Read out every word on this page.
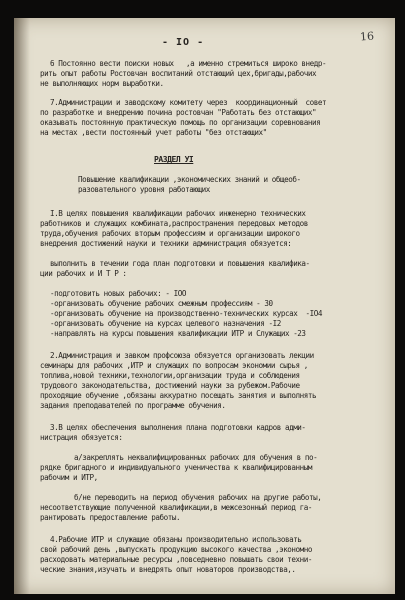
- IO -	16
6 Постоянно вести поиски новых   ,а именно стремиться широко внедр-
рить опыт работы Ростовчан воспитаний отстающий цех,бригады,рабочих
не выполняющих норм выработки.
7.Администрации и заводскому комитету через  координационный  совет
по разработке и внедрению почина ростовчан "Работать без отстающих"
оказывать постоянную практическую помощь по организации соревнования
на местах ,вести постоянный учет работы "без отстающих"
РАЗДЕЛ УI
Повышение квалификации ,экономических знаний и общеоб-
разовательного уровня работающих
I.В целях повышения квалификации рабочих инженерно технических
работников и служащих комбината,распространения передовых методов
труда,обучения рабочих вторым профессиям и организации широкого
внедрения достижений науки и техники администрация обязуется:
выполнить в течении года план подготовки и повышения квалифика-
ции рабочих и И Т Р :
-подготовить новых рабочих: - IОО
-организовать обучение рабочих смежным профессиям - 30
-организовать обучение на производственно-технических курсах  -IО4
-организовать обучение на курсах целевого назначения -I2
-направлять на курсы повышения квалификации ИТР и Служащих -23
2.Администрация и завком профсоюза обязуется организовать лекции
семинары для рабочих ,ИТР и служащих по вопросам экономии сырья ,
топлива,новой техники,технологии,организации труда и соблюдения
трудового законодательства, достижений науки за рубежом.Рабочие
проходящие обучение ,обязаны аккуратно посещать занятия и выполнять
задания преподавателей по программе обучения.
3.В целях обеспечения выполнения плана подготовки кадров адми-
нистрация обязуется:
а/закреплять неквалифицированных рабочих для обучения в по-
рядке бригадного и индивидуального ученичества к квалифицированным
рабочим и ИТР,
б/не переводить на период обучения рабочих на другие работы,
несоответствующие полученной квалификации,в межсезонный период га-
рантировать предоставление работы.
4.Рабочие ИТР и служащие обязаны производительно использовать
свой рабочий день ,выпускать продукцию высокого качества ,экономно
расходовать материальные ресурсы ,повседневно повышать свои техни-
ческие знания,изучать и внедрять опыт новаторов производства,.
